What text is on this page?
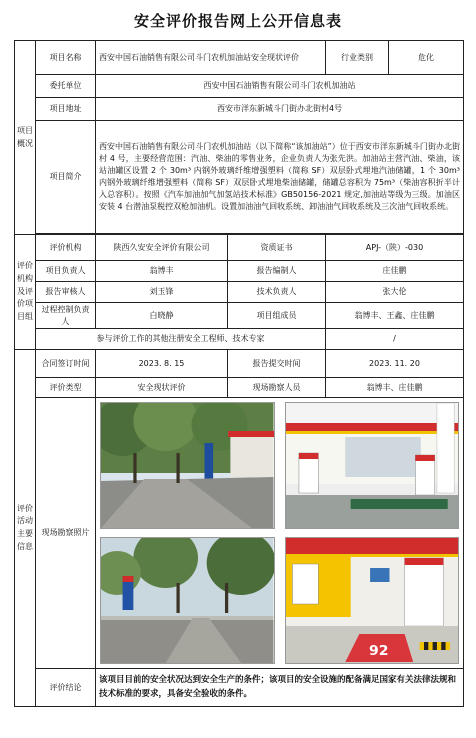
安全评价报告网上公开信息表
项目概况	项目名称	西安中国石油销售有限公司斗门农机加油站安全现状评价		行业类别	危化
	委托单位	西安中国石油销售有限公司斗门农机加油站			
	项目地址	西安市洋东新城斗门街办北街村4号			
	项目简介	西安中国石油销售有限公司斗门农机加油站（以下简称“该加油站”）位于西安市洋东新城斗门街办北街村 4 号，主要经营范围：汽油、柴油的零售业务，企业负责人为张先洪。加油站主营汽油、柴油，该站油罐区设置 2 个 30m³ 内钢外玻璃纤维增强塑料（简称 SF）双层卧式埋地汽油储罐，1 个 30m³ 内钢外玻璃纤维增强塑料（简称 SF）双层卧式埋地柴油储罐，储罐总容积为 75m³（柴油容积折半计入总容积）。按照《汽车加油加气加氢站技术标准》GB50156-2021 规定,加油站等级为三级。加油区安装 4 台潜油泵税控双枪加油机。设置加油油气回收系统、卸油油气回收系统及三次油气回收系统。			

评价机构及评价项目组	评价机构	陕西久安安全评价有限公司	资质证书	APJ-（陕）-030	
	项目负责人	翁博丰	报告编制人	庄佳鹏	
	报告审核人	刘玉锋	技术负责人	张大伦	
	过程控制负责人	白晓静	项目组成员	翁博丰、王鑫、庄佳鹏	
	参与评价工作的其他注册安全工程师、技术专家			/	
评价活动主要信息	合同签订时间	2023. 8. 15	报告提交时间	2023. 11. 20	
	评价类型	安全现状评价	现场勘察人员	翁博丰、庄佳鹏	
	现场勘察照片	92			

	评价结论	该项目目前的安全状况达到安全生产的条件；该项目的安全设施的配备满足国家有关法律法规和技术标准的要求，具备安全验收的条件。			
